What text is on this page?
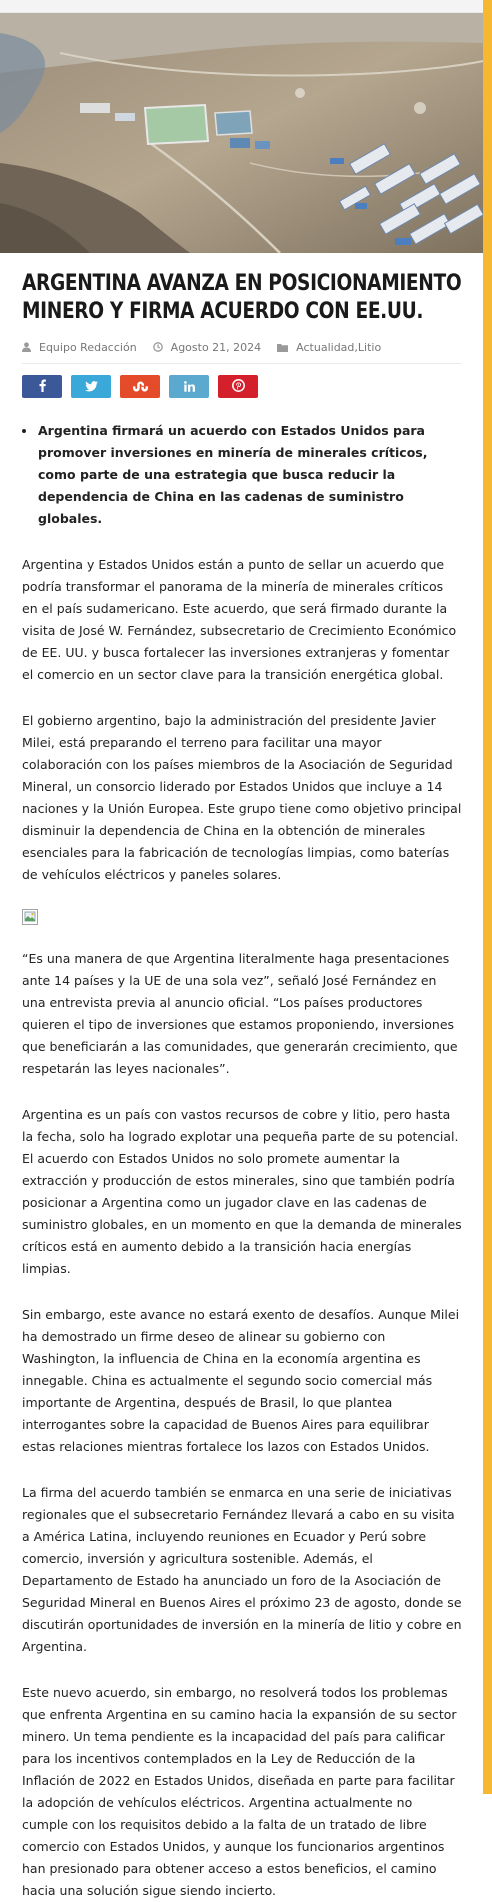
ARGENTINA AVANZA EN POSICIONAMIENTO MINERO Y FIRMA ACUERDO CON EE.UU.
Equipo Redacción	Agosto 21, 2024	Actualidad , Litio
• Argentina firmará un acuerdo con Estados Unidos para promover inversiones en minería de minerales críticos, como parte de una estrategia que busca reducir la dependencia de China en las cadenas de suministro globales.

Argentina y Estados Unidos están a punto de sellar un acuerdo que podría transformar el panorama de la minería de minerales críticos en el país sudamericano. Este acuerdo, que será firmado durante la visita de José W. Fernández, subsecretario de Crecimiento Económico de EE. UU. y busca fortalecer las inversiones extranjeras y fomentar el comercio en un sector clave para la transición energética global.

El gobierno argentino, bajo la administración del presidente Javier Milei, está preparando el terreno para facilitar una mayor colaboración con los países miembros de la Asociación de Seguridad Mineral, un consorcio liderado por Estados Unidos que incluye a 14 naciones y la Unión Europea. Este grupo tiene como objetivo principal disminuir la dependencia de China en la obtención de minerales esenciales para la fabricación de tecnologías limpias, como baterías de vehículos eléctricos y paneles solares.

“Es una manera de que Argentina literalmente haga presentaciones ante 14 países y la UE de una sola vez”, señaló José Fernández en una entrevista previa al anuncio oficial. “Los países productores quieren el tipo de inversiones que estamos proponiendo, inversiones que beneficiarán a las comunidades, que generarán crecimiento, que respetarán las leyes nacionales”.

Argentina es un país con vastos recursos de cobre y litio, pero hasta la fecha, solo ha logrado explotar una pequeña parte de su potencial. El acuerdo con Estados Unidos no solo promete aumentar la extracción y producción de estos minerales, sino que también podría posicionar a Argentina como un jugador clave en las cadenas de suministro globales, en un momento en que la demanda de minerales críticos está en aumento debido a la transición hacia energías limpias.

Sin embargo, este avance no estará exento de desafíos. Aunque Milei ha demostrado un firme deseo de alinear su gobierno con Washington, la influencia de China en la economía argentina es innegable. China es actualmente el segundo socio comercial más importante de Argentina, después de Brasil, lo que plantea interrogantes sobre la capacidad de Buenos Aires para equilibrar estas relaciones mientras fortalece los lazos con Estados Unidos.

La firma del acuerdo también se enmarca en una serie de iniciativas regionales que el subsecretario Fernández llevará a cabo en su visita a América Latina, incluyendo reuniones en Ecuador y Perú sobre comercio, inversión y agricultura sostenible. Además, el Departamento de Estado ha anunciado un foro de la Asociación de Seguridad Mineral en Buenos Aires el próximo 23 de agosto, donde se discutirán oportunidades de inversión en la minería de litio y cobre en Argentina.

Este nuevo acuerdo, sin embargo, no resolverá todos los problemas que enfrenta Argentina en su camino hacia la expansión de su sector minero. Un tema pendiente es la incapacidad del país para calificar para los incentivos contemplados en la Ley de Reducción de la Inflación de 2022 en Estados Unidos, diseñada en parte para facilitar la adopción de vehículos eléctricos. Argentina actualmente no cumple con los requisitos debido a la falta de un tratado de libre comercio con Estados Unidos, y aunque los funcionarios argentinos han presionado para obtener acceso a estos beneficios, el camino hacia una solución sigue siendo incierto.
